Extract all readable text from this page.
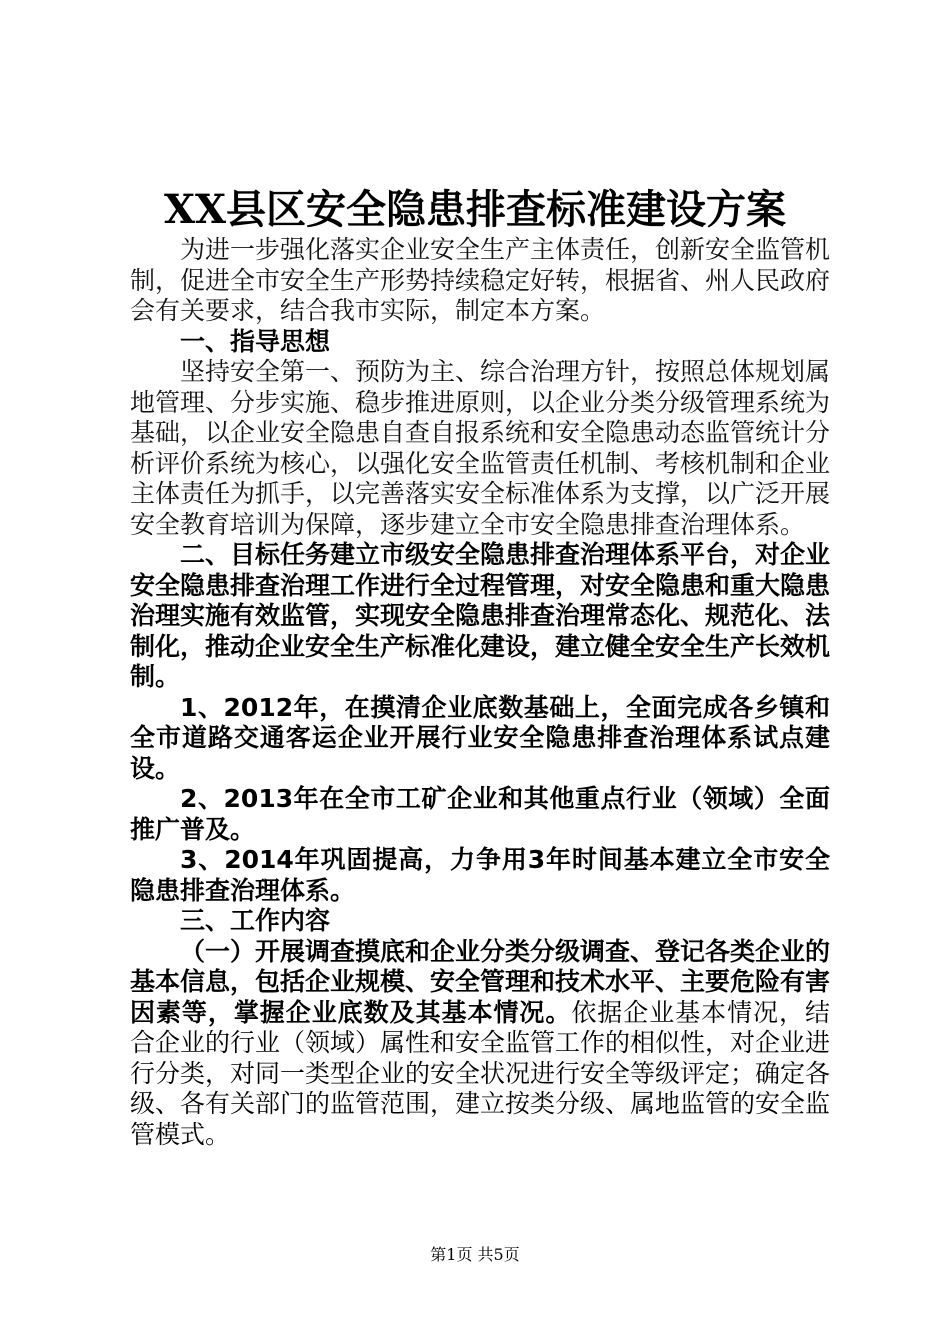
XX县区安全隐患排查标准建设方案

为进一步强化落实企业安全生产主体责任，创新安全监管机制，促进全市安全生产形势持续稳定好转，根据省、州人民政府会有关要求，结合我市实际，制定本方案。

一、指导思想

坚持安全第一、预防为主、综合治理方针，按照总体规划属地管理、分步实施、稳步推进原则，以企业分类分级管理系统为基础，以企业安全隐患自查自报系统和安全隐患动态监管统计分析评价系统为核心，以强化安全监管责任机制、考核机制和企业主体责任为抓手，以完善落实安全标准体系为支撑，以广泛开展安全教育培训为保障，逐步建立全市安全隐患排查治理体系。

二、目标任务建立市级安全隐患排查治理体系平台，对企业安全隐患排查治理工作进行全过程管理，对安全隐患和重大隐患治理实施有效监管，实现安全隐患排查治理常态化、规范化、法制化，推动企业安全生产标准化建设，建立健全安全生产长效机制。

1、2012年，在摸清企业底数基础上，全面完成各乡镇和全市道路交通客运企业开展行业安全隐患排查治理体系试点建设。

2、2013年在全市工矿企业和其他重点行业（领域）全面推广普及。

3、2014年巩固提高，力争用3年时间基本建立全市安全隐患排查治理体系。

三、工作内容

（一）开展调查摸底和企业分类分级调查、登记各类企业的基本信息，包括企业规模、安全管理和技术水平、主要危险有害因素等，掌握企业底数及其基本情况。依据企业基本情况，结合企业的行业（领域）属性和安全监管工作的相似性，对企业进行分类，对同一类型企业的安全状况进行安全等级评定；确定各级、各有关部门的监管范围，建立按类分级、属地监管的安全监管模式。

第1页 共5页
